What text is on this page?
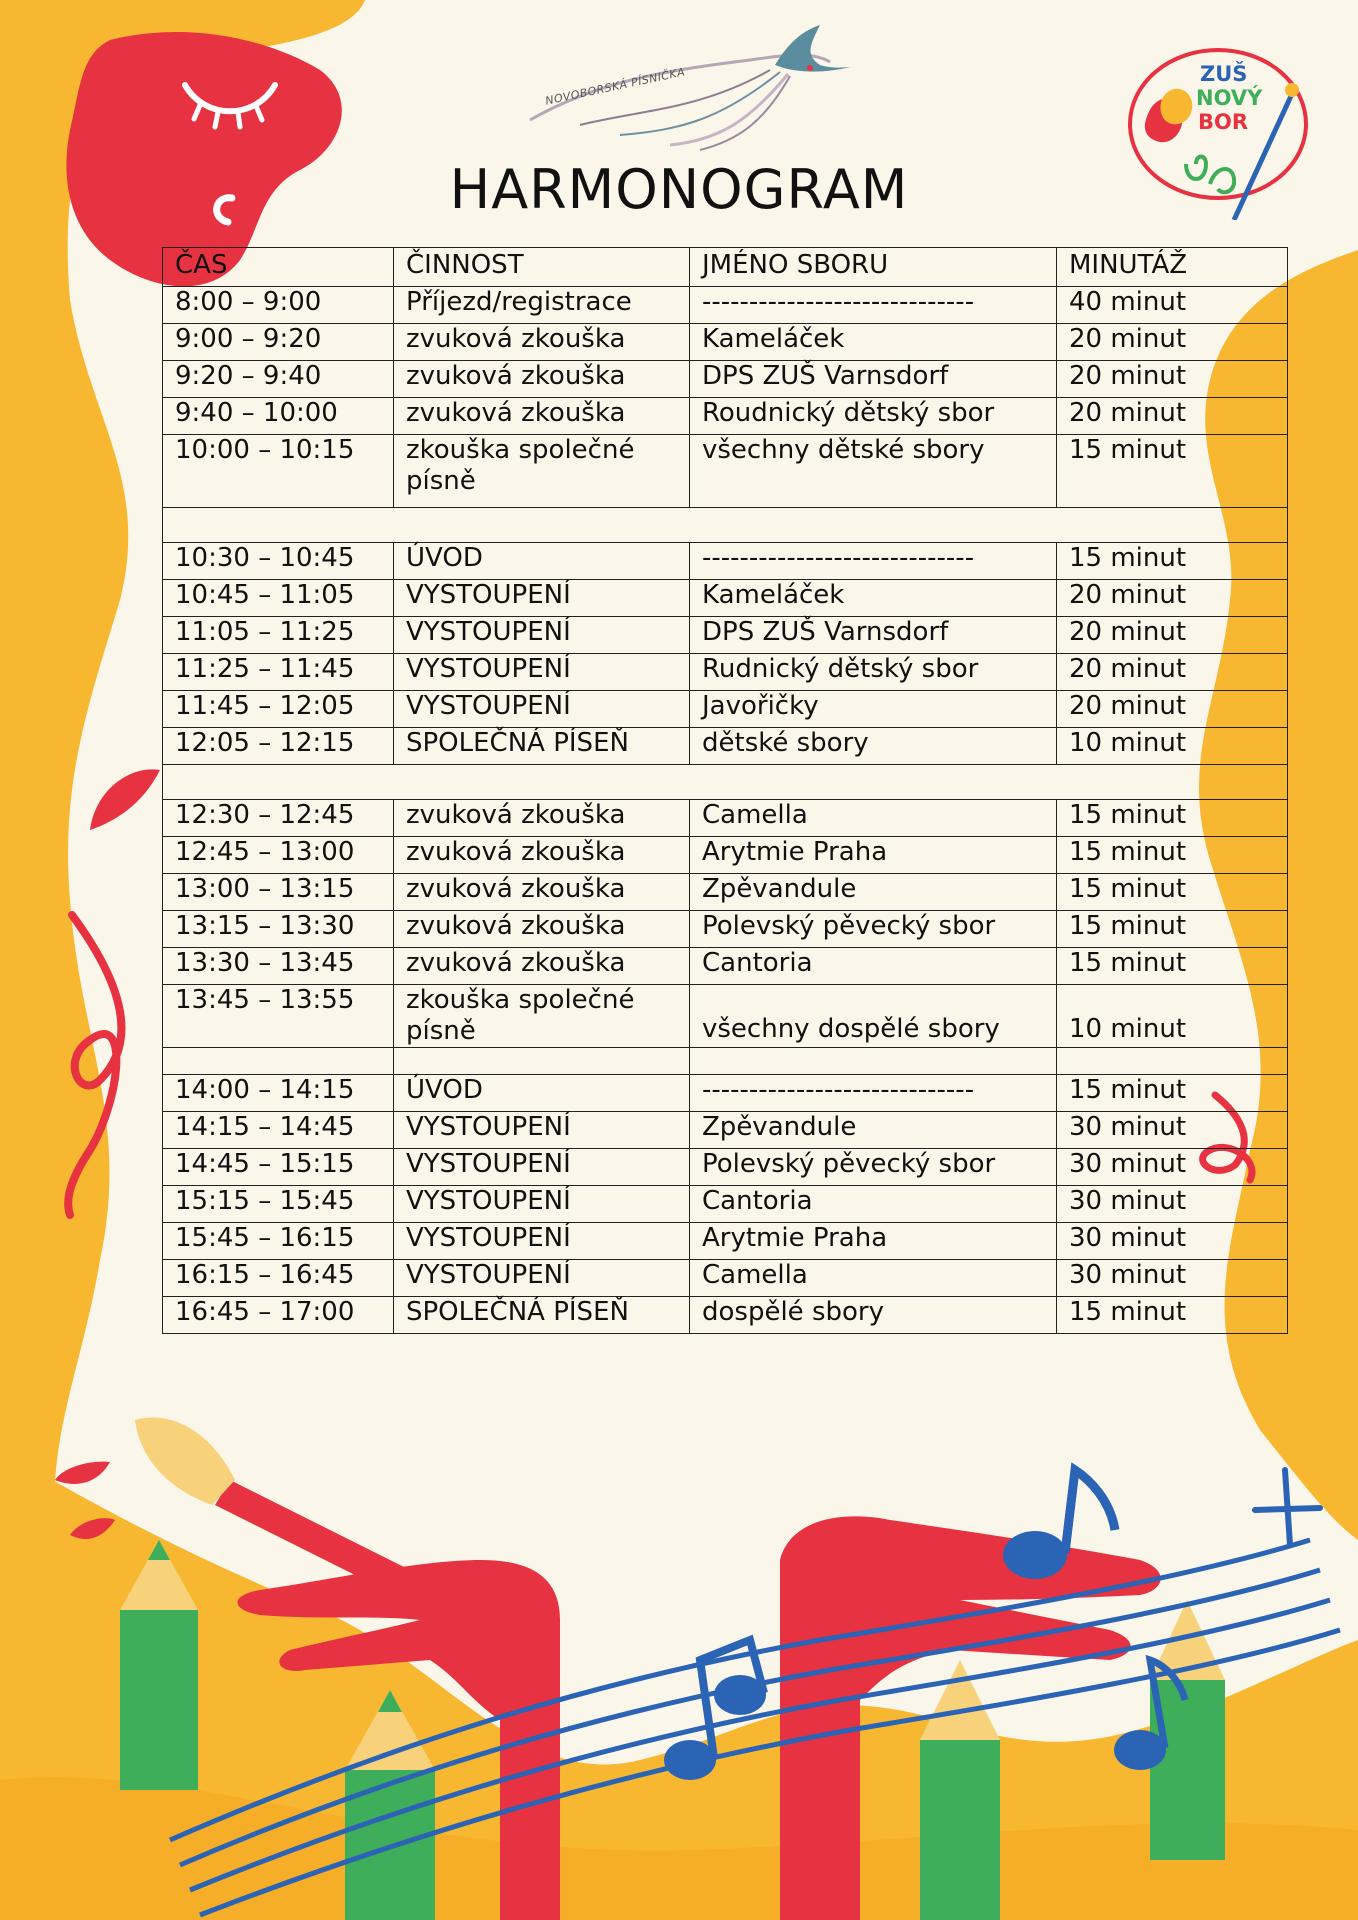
NOVOBORSKÁ PÍSNIČKA	ZUŠ
NOVÝ
BOR
HARMONOGRAM
ČAS	ČINNOST	JMÉNO SBORU	MINUTÁŽ
8:00 – 9:00	Příjezd/registrace	-----------------------------	40 minut
9:00 – 9:20	zvuková zkouška	Kameláček	20 minut
9:20 – 9:40	zvuková zkouška	DPS ZUŠ Varnsdorf	20 minut
9:40 – 10:00	zvuková zkouška	Roudnický dětský sbor	20 minut
10:00 – 10:15	zkouška společné písně	všechny dětské sbory	15 minut

10:30 – 10:45	ÚVOD	-----------------------------	15 minut
10:45 – 11:05	VYSTOUPENÍ	Kameláček	20 minut
11:05 – 11:25	VYSTOUPENÍ	DPS ZUŠ Varnsdorf	20 minut
11:25 – 11:45	VYSTOUPENÍ	Rudnický dětský sbor	20 minut
11:45 – 12:05	VYSTOUPENÍ	Javořičky	20 minut
12:05 – 12:15	SPOLEČNÁ PÍSEŇ	dětské sbory	10 minut

12:30 – 12:45	zvuková zkouška	Camella	15 minut
12:45 – 13:00	zvuková zkouška	Arytmie Praha	15 minut
13:00 – 13:15	zvuková zkouška	Zpěvandule	15 minut
13:15 – 13:30	zvuková zkouška	Polevský pěvecký sbor	15 minut
13:30 – 13:45	zvuková zkouška	Cantoria	15 minut
13:45 – 13:55	zkouška společné písně	všechny dospělé sbory	10 minut

14:00 – 14:15	ÚVOD	-----------------------------	15 minut
14:15 – 14:45	VYSTOUPENÍ	Zpěvandule	30 minut
14:45 – 15:15	VYSTOUPENÍ	Polevský pěvecký sbor	30 minut
15:15 – 15:45	VYSTOUPENÍ	Cantoria	30 minut
15:45 – 16:15	VYSTOUPENÍ	Arytmie Praha	30 minut
16:15 – 16:45	VYSTOUPENÍ	Camella	30 minut
16:45 – 17:00	SPOLEČNÁ PÍSEŇ	dospělé sbory	15 minut
